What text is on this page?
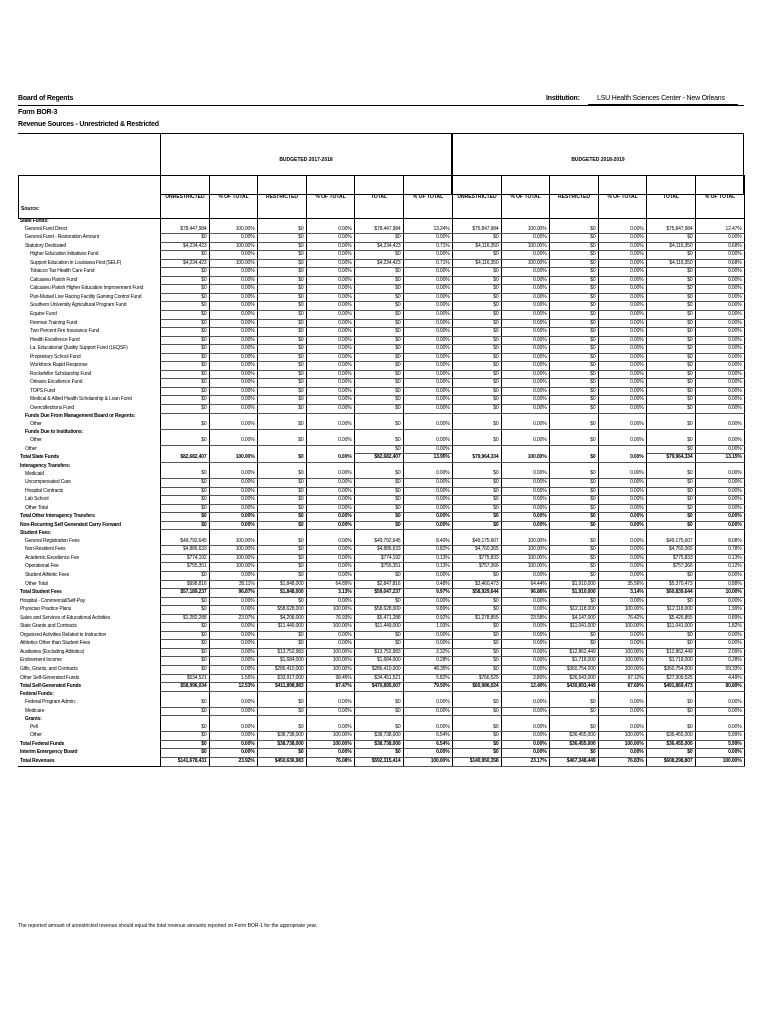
Board of Regents
Form BOR-3
Revenue Sources - Unrestricted & Restricted
Institution: LSU Health Sciences Center - New Orleans
BUDGETED 2017-2018	BUDGETED 2018-2019
Source:	UNRESTRICTED	% OF TOTAL	RESTRICTED	% OF TOTAL	TOTAL	% OF TOTAL	UNRESTRICTED	% OF TOTAL	RESTRICTED	% OF TOTAL	TOTAL	% OF TOTAL
State Funds:												
General Fund Direct	$78,447,984	100.00%	$0	0.00%	$78,447,984	13.24%	$75,847,984	100.00%	$0	0.00%	$75,847,984	12.47%
General Fund - Restoration Amount	$0	0.00%	$0	0.00%	$0	0.00%	$0	0.00%	$0	0.00%	$0	0.00%
Statutory Dedicated	$4,234,423	100.00%	$0	0.00%	$4,234,423	0.71%	$4,116,350	100.00%	$0	0.00%	$4,116,350	0.68%
Higher Education Initiatives Fund	$0	0.00%	$0	0.00%	$0	0.00%	$0	0.00%	$0	0.00%	$0	0.00%
Support Education in Louisiana First (SELF)	$4,234,423	100.00%	$0	0.00%	$4,234,423	0.71%	$4,116,350	100.00%	$0	0.00%	$4,116,350	0.68%
Tobacco Tax Health Care Fund	$0	0.00%	$0	0.00%	$0	0.00%	$0	0.00%	$0	0.00%	$0	0.00%
Calcasieu Parish Fund	$0	0.00%	$0	0.00%	$0	0.00%	$0	0.00%	$0	0.00%	$0	0.00%
Calcasieu Parish Higher Education Improvement Fund	$0	0.00%	$0	0.00%	$0	0.00%	$0	0.00%	$0	0.00%	$0	0.00%
Pari-Mutuel Live Racing Facility Gaming Control Fund	$0	0.00%	$0	0.00%	$0	0.00%	$0	0.00%	$0	0.00%	$0	0.00%
Southern University Agricultural Program Fund	$0	0.00%	$0	0.00%	$0	0.00%	$0	0.00%	$0	0.00%	$0	0.00%
Equine Fund	$0	0.00%	$0	0.00%	$0	0.00%	$0	0.00%	$0	0.00%	$0	0.00%
Fireman Training Fund	$0	0.00%	$0	0.00%	$0	0.00%	$0	0.00%	$0	0.00%	$0	0.00%
Two Percent Fire Insurance Fund	$0	0.00%	$0	0.00%	$0	0.00%	$0	0.00%	$0	0.00%	$0	0.00%
Health Excellence Fund	$0	0.00%	$0	0.00%	$0	0.00%	$0	0.00%	$0	0.00%	$0	0.00%
La. Educational Quality Support Fund (LEQSF)	$0	0.00%	$0	0.00%	$0	0.00%	$0	0.00%	$0	0.00%	$0	0.00%
Proprietary School Fund	$0	0.00%	$0	0.00%	$0	0.00%	$0	0.00%	$0	0.00%	$0	0.00%
Workforce Rapid Response	$0	0.00%	$0	0.00%	$0	0.00%	$0	0.00%	$0	0.00%	$0	0.00%
Rockefeller Scholarship Fund	$0	0.00%	$0	0.00%	$0	0.00%	$0	0.00%	$0	0.00%	$0	0.00%
Orleans Excellence Fund	$0	0.00%	$0	0.00%	$0	0.00%	$0	0.00%	$0	0.00%	$0	0.00%
TOPS Fund	$0	0.00%	$0	0.00%	$0	0.00%	$0	0.00%	$0	0.00%	$0	0.00%
Medical & Allied Health Scholarship & Loan Fund	$0	0.00%	$0	0.00%	$0	0.00%	$0	0.00%	$0	0.00%	$0	0.00%
Overcollections Fund	$0	0.00%	$0	0.00%	$0	0.00%	$0	0.00%	$0	0.00%	$0	0.00%
Funds Due From Management Board or Regents:												
Other	$0	0.00%	$0	0.00%	$0	0.00%	$0	0.00%	$0	0.00%	$0	0.00%
Funds Due to Institutions:												
Other	$0	0.00%	$0	0.00%	$0	0.00%	$0	0.00%	$0	0.00%	$0	0.00%
Other					$0	0.00%					$0	0.00%
Total State Funds	$82,682,407	100.00%	$0	0.00%	$82,682,407	13.95%	$79,964,334	100.00%	$0	0.00%	$79,964,334	13.15%
Interagency Transfers:												
Medicaid	$0	0.00%	$0	0.00%	$0	0.00%	$0	0.00%	$0	0.00%	$0	0.00%
Uncompensated Care	$0	0.00%	$0	0.00%	$0	0.00%	$0	0.00%	$0	0.00%	$0	0.00%
Hospital Contracts	$0	0.00%	$0	0.00%	$0	0.00%	$0	0.00%	$0	0.00%	$0	0.00%
Lab School	$0	0.00%	$0	0.00%	$0	0.00%	$0	0.00%	$0	0.00%	$0	0.00%
Other Total	$0	0.00%	$0	0.00%	$0	0.00%	$0	0.00%	$0	0.00%	$0	0.00%
Total Other Interagency Transfers	$0	0.00%	$0	0.00%	$0	0.00%	$0	0.00%	$0	0.00%	$0	0.00%
Non-Recurring Self Generated Carry Forward	$0	0.00%	$0	0.00%	$0	0.00%	$0	0.00%	$0	0.00%	$0	0.00%
Student Fees:												
General Registration Fees	$49,792,645	100.00%	$0	0.00%	$49,792,645	8.40%	$49,175,607	100.00%	$0	0.00%	$49,175,607	8.08%
Non-Resident Fees	$4,886,633	100.00%	$0	0.00%	$4,886,633	0.82%	$4,760,365	100.00%	$0	0.00%	$4,760,365	0.78%
Academic Excellence Fee	$774,192	100.00%	$0	0.00%	$774,192	0.13%	$775,833	100.00%	$0	0.00%	$775,833	0.13%
Operational Fee	$755,351	100.00%	$0	0.00%	$755,351	0.13%	$757,366	100.00%	$0	0.00%	$757,366	0.12%
Student Athletic Fees	$0	0.00%	$0	0.00%	$0	0.00%	$0	0.00%	$0	0.00%	$0	0.00%
Other Total	$998,816	35.11%	$1,848,000	64.89%	$2,847,816	0.48%	$3,460,473	64.44%	$1,910,000	35.56%	$5,370,473	0.88%
Total Student Fees	$57,189,237	96.87%	$1,848,000	3.13%	$59,047,237	9.97%	$58,929,644	96.86%	$1,910,000	3.14%	$60,839,644	10.00%
Hospital - Commercial/Self-Pay	$0	0.00%	$0	0.00%	$0	0.00%	$0	0.00%	$0	0.00%	$0	0.00%
Physician Practice Plans	$0	0.00%	$58,628,000	100.00%	$58,628,000	9.89%	$0	0.00%	$12,118,000	100.00%	$12,118,000	1.99%
Sales and Services of Educational Activities	$1,282,288	23.07%	$4,208,000	76.93%	$5,471,288	0.92%	$1,278,855	23.58%	$4,147,000	76.42%	$5,426,855	0.89%
State Grants and Contracts	$0	0.00%	$11,449,000	100.00%	$11,449,000	1.93%	$0	0.00%	$11,041,000	100.00%	$11,041,000	1.82%
Organized Activities Related to Instruction	$0	0.00%	$0	0.00%	$0	0.00%	$0	0.00%	$0	0.00%	$0	0.00%
Athletics Other than Student Fees	$0	0.00%	$0	0.00%	$0	0.00%	$0	0.00%	$0	0.00%	$0	0.00%
Auxiliaries (Excluding Athletics)	$0	0.00%	$13,752,983	100.00%	$13,752,983	2.32%	$0	0.00%	$12,862,449	100.00%	$12,862,449	2.09%
Endowment Income	$0	0.00%	$1,684,000	100.00%	$1,684,000	0.28%	$0	0.00%	$1,718,000	100.00%	$1,718,000	0.28%
Gifts, Grants, and Contracts	$0	0.00%	$286,410,000	100.00%	$286,410,000	48.35%	$0	0.00%	$360,754,000	100.00%	$360,754,000	59.33%
Other Self-Generated Funds	$534,521	1.55%	$33,917,000	98.45%	$34,451,521	5.82%	$766,525	2.80%	$26,543,000	97.12%	$27,309,525	4.49%
Total Self-Generated Funds	$58,996,034	12.53%	$411,898,983	87.47%	$470,895,007	79.50%	$60,986,024	12.40%	$430,893,449	87.60%	$491,869,473	80.89%
Federal Funds:												
Federal Program Admin.	$0	0.00%	$0	0.00%	$0	0.00%	$0	0.00%	$0	0.00%	$0	0.00%
Medicare	$0	0.00%	$0	0.00%	$0	0.00%	$0	0.00%	$0	0.00%	$0	0.00%
Grants:												
Pell	$0	0.00%	$0	0.00%	$0	0.00%	$0	0.00%	$0	0.00%	$0	0.00%
Other	$0	0.00%	$38,738,000	100.00%	$38,738,000	6.54%	$0	0.00%	$36,455,000	100.00%	$36,455,000	5.99%
Total Federal Funds	$0	0.00%	$38,738,000	100.00%	$38,738,000	6.54%	$0	0.00%	$36,455,000	100.00%	$36,455,000	5.99%
Interim Emergency Board	$0	0.00%	$0	0.00%	$0	0.00%	$0	0.00%	$0	0.00%	$0	0.00%
Total Revenues	$141,678,431	23.92%	$450,636,983	76.08%	$592,315,414	100.00%	$140,950,358	23.17%	$467,348,449	76.83%	$608,298,807	100.00%
The reported amount of unrestricted revenue should equal the total revenue amounts reported on Form BOR-1 for the appropriate year.
